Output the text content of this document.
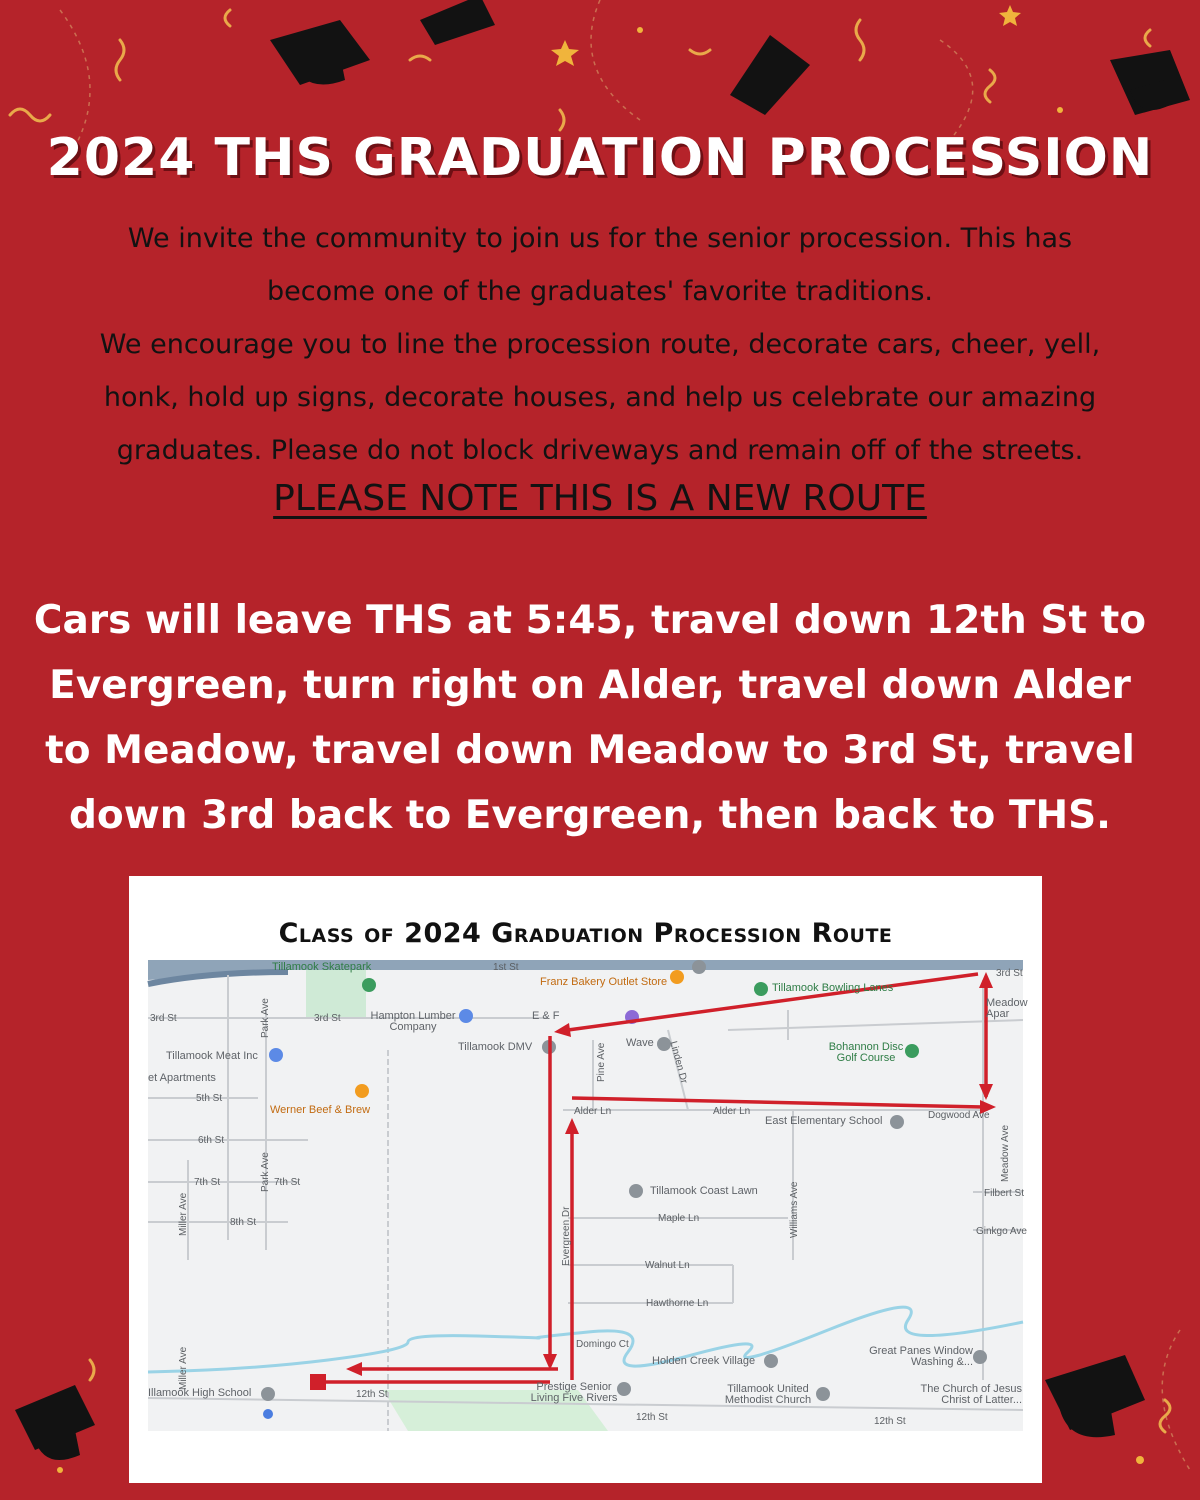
2024 THS GRADUATION PROCESSION

We invite the community to join us for the senior procession. This has

become one of the graduates' favorite traditions.

We encourage you to line the procession route, decorate cars, cheer, yell,

honk, hold up signs, decorate houses, and help us celebrate our amazing

graduates. Please do not block driveways and remain off of the streets.

PLEASE NOTE THIS IS A NEW ROUTE
Cars will leave THS at 5:45, travel down 12th St to
Evergreen, turn right on Alder, travel down Alder
to Meadow, travel down Meadow to 3rd St, travel
down 3rd back to Evergreen, then back to THS.
Class of 2024 Graduation Procession Route
1st St
3rd St	3rd St
3rd St
5th St
6th St
7th St	7th St
8th St
Park Ave
Park Ave
Miller Ave
Miller Ave
Pine Ave	Linden Dr
Alder Ln	Alder Ln
Evergreen Dr	Williams Ave
Meadow Ave
Dogwood Ave
Filbert St
Ginkgo Ave
Maple Ln
Walnut Ln
Hawthorne Ln
Domingo Ct
12th St
12th St	12th St
Tillamook Skatepark
Franz Bakery Outlet Store	Tillamook Bowling Lanes
Hampton Lumber Company
E & F
Tillamook DMV	Wave	Bohannon Disc Golf Course
Tillamook Meat Inc
et Apartments
Meadow Apar
Werner Beef & Brew
East Elementary School
Tillamook Coast Lawn
Holden Creek Village
Great Panes Window Washing &...
Illamook High School	Prestige Senior Living Five Rivers
Tillamook United Methodist Church
The Church of Jesus Christ of Latter...
